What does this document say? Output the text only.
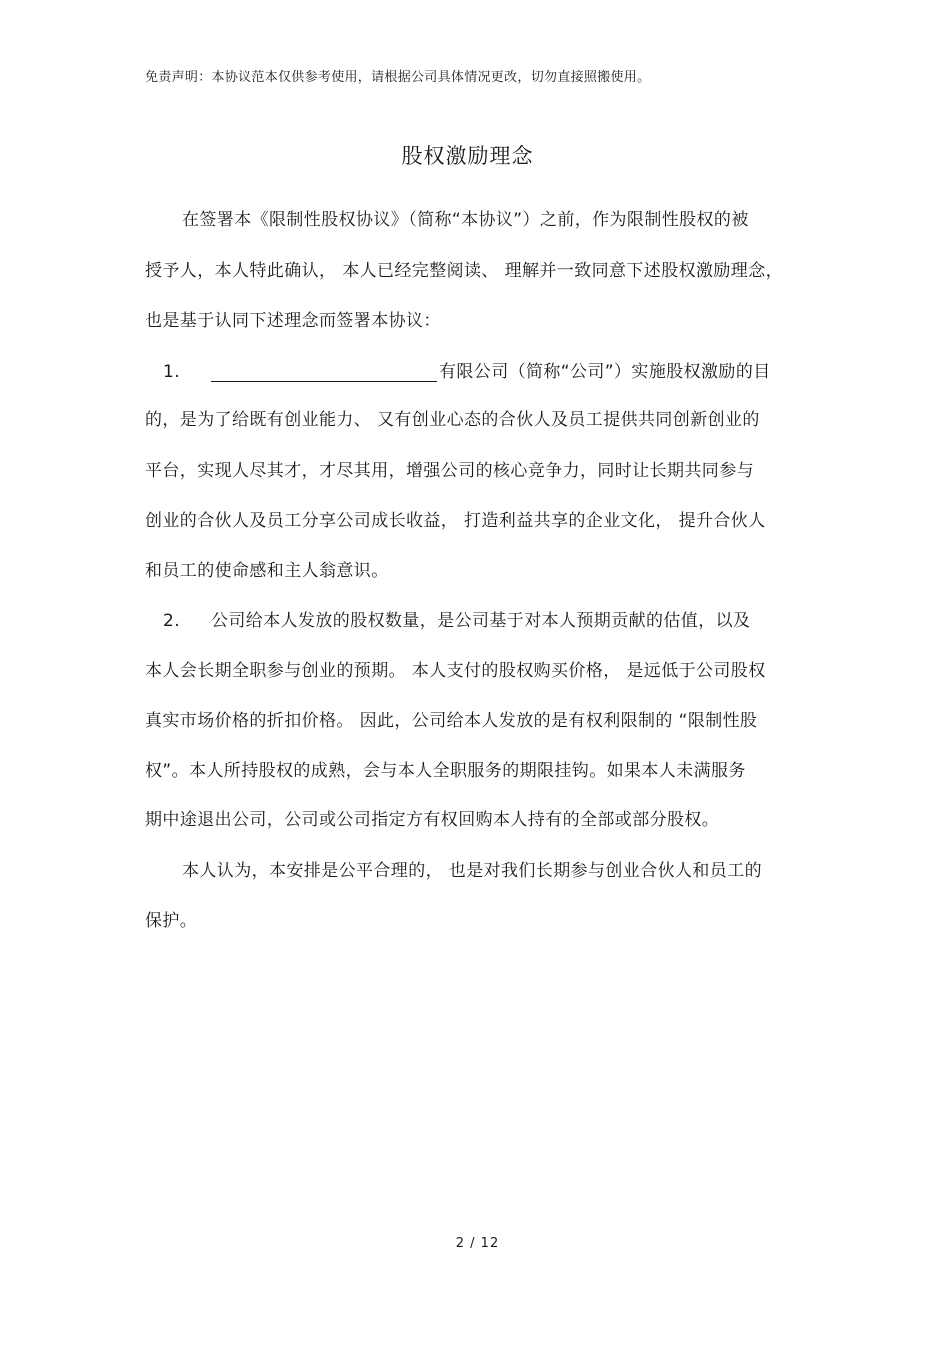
免责声明：本协议范本仅供参考使用，请根据公司具体情况更改，切勿直接照搬使用。
股权激励理念
在签署本《限制性股权协议》（简称“本协议”）之前，作为限制性股权的被
授予人，本人特此确认， 本人已经完整阅读、 理解并一致同意下述股权激励理念，
也是基于认同下述理念而签署本协议：
1.	有限公司（简称“公司”）实施股权激励的目
的，是为了给既有创业能力、 又有创业心态的合伙人及员工提供共同创新创业的
平台，实现人尽其才，才尽其用，增强公司的核心竞争力，同时让长期共同参与
创业的合伙人及员工分享公司成长收益， 打造利益共享的企业文化， 提升合伙人
和员工的使命感和主人翁意识。
2. 公司给本人发放的股权数量，是公司基于对本人预期贡献的估值，以及
本人会长期全职参与创业的预期。 本人支付的股权购买价格， 是远低于公司股权
真实市场价格的折扣价格。 因此，公司给本人发放的是有权利限制的 “限制性股
权”。本人所持股权的成熟，会与本人全职服务的期限挂钩。如果本人未满服务
期中途退出公司，公司或公司指定方有权回购本人持有的全部或部分股权。
本人认为，本安排是公平合理的， 也是对我们长期参与创业合伙人和员工的
保护。
2 / 12
